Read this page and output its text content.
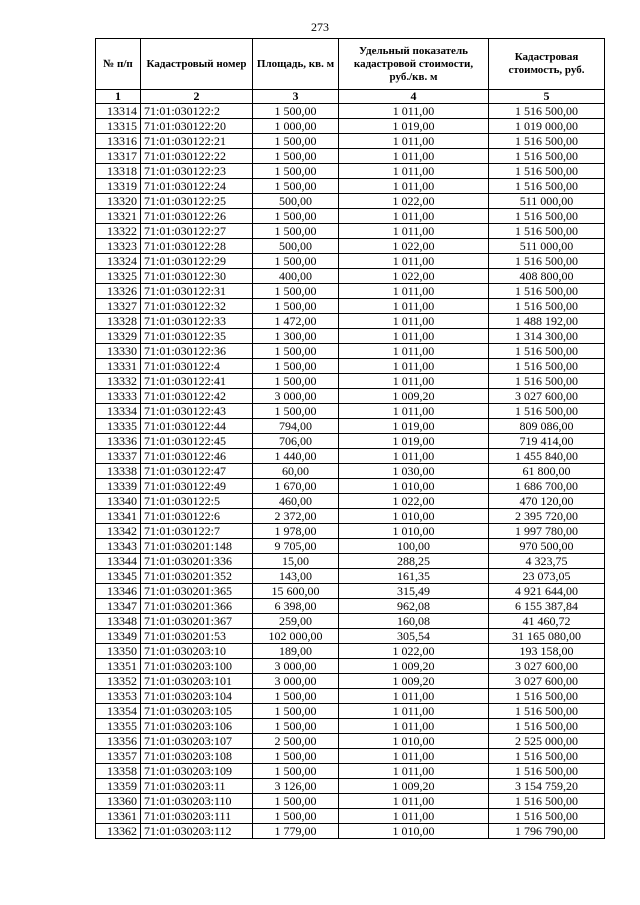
273
№ п/п	Кадастровый номер	Площадь, кв. м	Удельный показатель кадастровой стоимости, руб./кв. м	Кадастровая стоимость, руб.
1	2	3	4	5
13314	71:01:030122:2	1 500,00	1 011,00	1 516 500,00
13315	71:01:030122:20	1 000,00	1 019,00	1 019 000,00
13316	71:01:030122:21	1 500,00	1 011,00	1 516 500,00
13317	71:01:030122:22	1 500,00	1 011,00	1 516 500,00
13318	71:01:030122:23	1 500,00	1 011,00	1 516 500,00
13319	71:01:030122:24	1 500,00	1 011,00	1 516 500,00
13320	71:01:030122:25	500,00	1 022,00	511 000,00
13321	71:01:030122:26	1 500,00	1 011,00	1 516 500,00
13322	71:01:030122:27	1 500,00	1 011,00	1 516 500,00
13323	71:01:030122:28	500,00	1 022,00	511 000,00
13324	71:01:030122:29	1 500,00	1 011,00	1 516 500,00
13325	71:01:030122:30	400,00	1 022,00	408 800,00
13326	71:01:030122:31	1 500,00	1 011,00	1 516 500,00
13327	71:01:030122:32	1 500,00	1 011,00	1 516 500,00
13328	71:01:030122:33	1 472,00	1 011,00	1 488 192,00
13329	71:01:030122:35	1 300,00	1 011,00	1 314 300,00
13330	71:01:030122:36	1 500,00	1 011,00	1 516 500,00
13331	71:01:030122:4	1 500,00	1 011,00	1 516 500,00
13332	71:01:030122:41	1 500,00	1 011,00	1 516 500,00
13333	71:01:030122:42	3 000,00	1 009,20	3 027 600,00
13334	71:01:030122:43	1 500,00	1 011,00	1 516 500,00
13335	71:01:030122:44	794,00	1 019,00	809 086,00
13336	71:01:030122:45	706,00	1 019,00	719 414,00
13337	71:01:030122:46	1 440,00	1 011,00	1 455 840,00
13338	71:01:030122:47	60,00	1 030,00	61 800,00
13339	71:01:030122:49	1 670,00	1 010,00	1 686 700,00
13340	71:01:030122:5	460,00	1 022,00	470 120,00
13341	71:01:030122:6	2 372,00	1 010,00	2 395 720,00
13342	71:01:030122:7	1 978,00	1 010,00	1 997 780,00
13343	71:01:030201:148	9 705,00	100,00	970 500,00
13344	71:01:030201:336	15,00	288,25	4 323,75
13345	71:01:030201:352	143,00	161,35	23 073,05
13346	71:01:030201:365	15 600,00	315,49	4 921 644,00
13347	71:01:030201:366	6 398,00	962,08	6 155 387,84
13348	71:01:030201:367	259,00	160,08	41 460,72
13349	71:01:030201:53	102 000,00	305,54	31 165 080,00
13350	71:01:030203:10	189,00	1 022,00	193 158,00
13351	71:01:030203:100	3 000,00	1 009,20	3 027 600,00
13352	71:01:030203:101	3 000,00	1 009,20	3 027 600,00
13353	71:01:030203:104	1 500,00	1 011,00	1 516 500,00
13354	71:01:030203:105	1 500,00	1 011,00	1 516 500,00
13355	71:01:030203:106	1 500,00	1 011,00	1 516 500,00
13356	71:01:030203:107	2 500,00	1 010,00	2 525 000,00
13357	71:01:030203:108	1 500,00	1 011,00	1 516 500,00
13358	71:01:030203:109	1 500,00	1 011,00	1 516 500,00
13359	71:01:030203:11	3 126,00	1 009,20	3 154 759,20
13360	71:01:030203:110	1 500,00	1 011,00	1 516 500,00
13361	71:01:030203:111	1 500,00	1 011,00	1 516 500,00
13362	71:01:030203:112	1 779,00	1 010,00	1 796 790,00
